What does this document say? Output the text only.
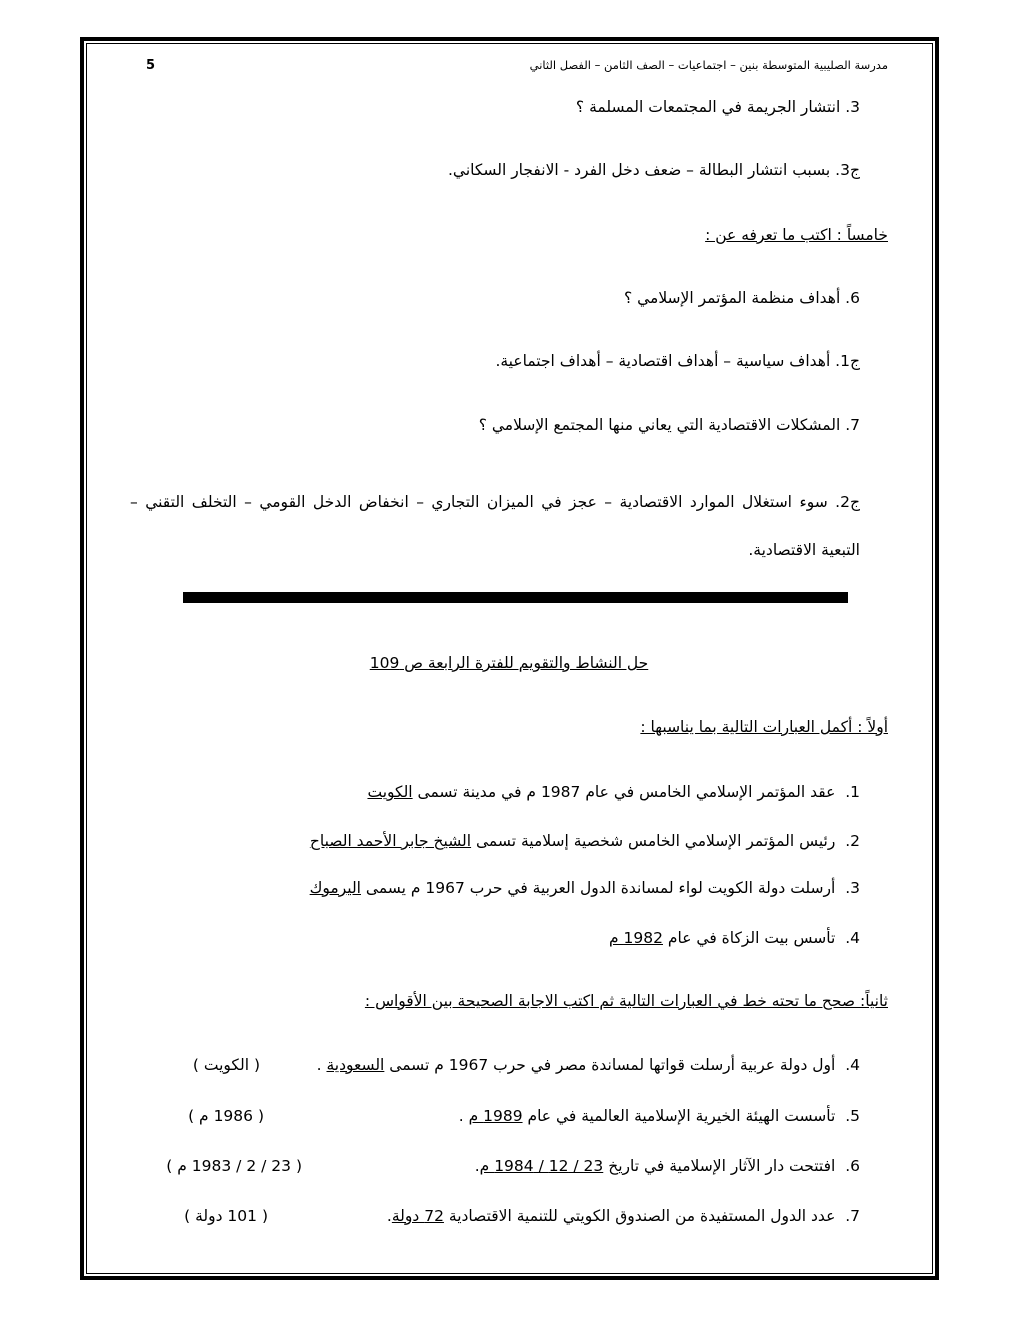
مدرسة الصليبية المتوسطة بنين – اجتماعيات – الصف الثامن – الفصل الثاني
5
3. انتشار الجريمة في المجتمعات المسلمة ؟
ج3. بسبب انتشار البطالة – ضعف دخل الفرد - الانفجار السكاني.
خامساً : اكتب ما تعرفه عن :
6. أهداف منظمة المؤتمر الإسلامي ؟
ج1. أهداف سياسية – أهداف اقتصادية – أهداف اجتماعية.
7. المشكلات الاقتصادية التي يعاني منها المجتمع الإسلامي ؟
ج2. سوء استغلال الموارد الاقتصادية – عجز في الميزان التجاري – انخفاض الدخل القومي – التخلف التقني – التبعية الاقتصادية.
حل النشاط والتقويم للفترة الرابعة ص 109
أولاً : أكمل العبارات التالية بما يناسبها :
1.  عقد المؤتمر الإسلامي الخامس في عام 1987 م في مدينة تسمى الكويت
2.  رئيس المؤتمر الإسلامي الخامس شخصية إسلامية تسمى الشيخ جابر الأحمد الصباح
3.  أرسلت دولة الكويت لواء لمساندة الدول العربية في حرب 1967 م يسمى اليرموك
4.  تأسس بيت الزكاة في عام 1982 م
ثانياً: صحح ما تحته خط في العبارات التالية ثم اكتب الاجابة الصحيحة بين الأقواس :
4.  أول دولة عربية أرسلت قواتها لمساندة مصر في حرب 1967 م تسمى السعودية .
( الكويت )
5.  تأسست الهيئة الخيرية الإسلامية العالمية في عام 1989 م .
( 1986 م )
6.  افتتحت دار الآثار الإسلامية في تاريخ 23 / 12 / 1984 م.
( 23 / 2 / 1983 م )
7.  عدد الدول المستفيدة من الصندوق الكويتي للتنمية الاقتصادية 72 دولة.
( 101 دولة )
